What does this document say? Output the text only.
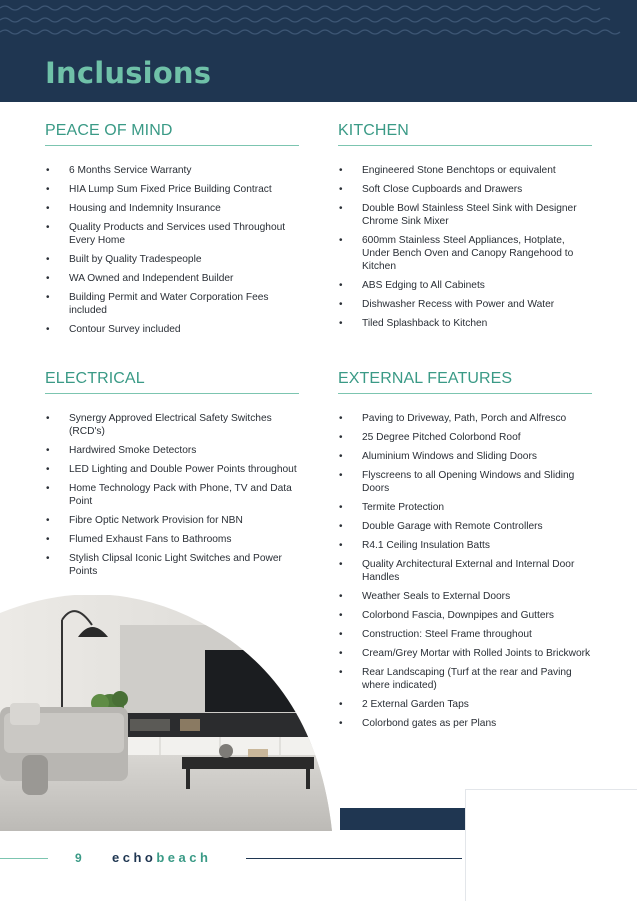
Inclusions
PEACE OF MIND
• 6 Months Service Warranty
• HIA Lump Sum Fixed Price Building Contract
• Housing and Indemnity Insurance
• Quality Products and Services used Throughout Every Home
• Built by Quality Tradespeople
• WA Owned and Independent Builder
• Building Permit and Water Corporation Fees included
• Contour Survey included
KITCHEN
• Engineered Stone Benchtops or equivalent
• Soft Close Cupboards and Drawers
• Double Bowl Stainless Steel Sink with Designer Chrome Sink Mixer
• 600mm Stainless Steel Appliances, Hotplate, Under Bench Oven and Canopy Rangehood to Kitchen
• ABS Edging to All Cabinets
• Dishwasher Recess with Power and Water
• Tiled Splashback to Kitchen
ELECTRICAL
• Synergy Approved Electrical Safety Switches (RCD's)
• Hardwired Smoke Detectors
• LED Lighting and Double Power Points throughout
• Home Technology Pack with Phone, TV and Data Point
• Fibre Optic Network Provision for NBN
• Flumed Exhaust Fans to Bathrooms
• Stylish Clipsal Iconic Light Switches and Power Points
EXTERNAL FEATURES
• Paving to Driveway, Path, Porch and Alfresco
• 25 Degree Pitched Colorbond Roof
• Aluminium Windows and Sliding Doors
• Flyscreens to all Opening Windows and Sliding Doors
• Termite Protection
• Double Garage with Remote Controllers
• R4.1 Ceiling Insulation Batts
• Quality Architectural External and Internal Door Handles
• Weather Seals to External Doors
• Colorbond Fascia, Downpipes and Gutters
• Construction: Steel Frame throughout
• Cream/Grey Mortar with Rolled Joints to Brickwork
• Rear Landscaping (Turf at the rear and Paving where indicated)
• 2 External Garden Taps
• Colorbond gates as per Plans
9 echobeach
